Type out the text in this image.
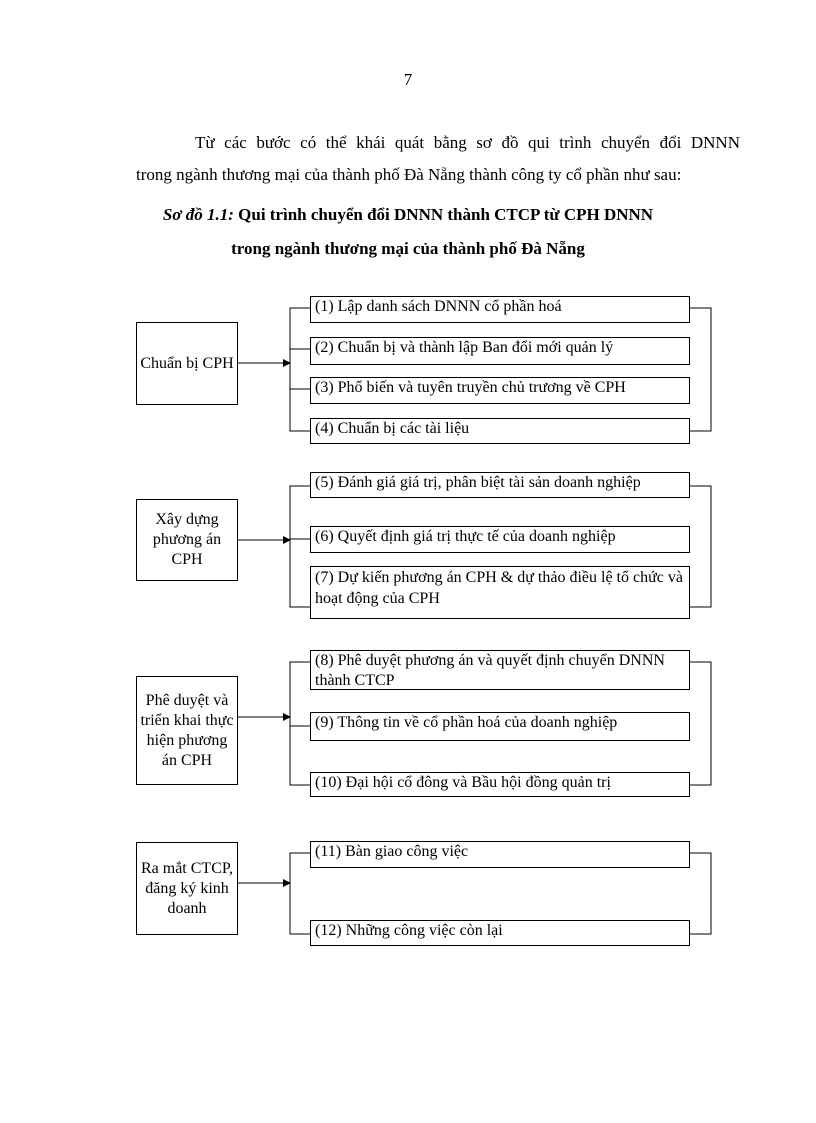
7
Từ các bước có thể khái quát bằng sơ đồ qui trình chuyển đổi DNNN
trong ngành thương mại của thành phố Đà Nẵng thành công ty cổ phần như sau:
Sơ đồ 1.1: Qui trình chuyển đổi DNNN thành CTCP từ CPH DNNN
trong ngành thương mại của thành phố Đà Nẵng
Chuẩn bị CPH
Xây dựng phương án CPH
Phê duyệt và triển khai thực hiện phương án CPH
Ra mắt CTCP, đăng ký kinh doanh
(1) Lập danh sách DNNN cổ phần hoá
(2) Chuẩn bị và thành lập Ban đổi mới quản lý
(3) Phổ biến và tuyên truyền chủ trương về CPH
(4) Chuẩn bị các tài liệu
(5) Đánh giá giá trị, phân biệt tài sản doanh nghiệp
(6) Quyết định giá trị thực tế của doanh nghiệp
(7) Dự kiến phương án CPH & dự thảo điều lệ tổ chức và hoạt động của CPH
(8) Phê duyệt phương án và quyết định chuyển DNNN thành CTCP
(9) Thông tin về cổ phần hoá của doanh nghiệp
(10) Đại hội cổ đông và Bầu hội đồng quản trị
(11) Bàn giao công việc
(12) Những công việc còn lại
